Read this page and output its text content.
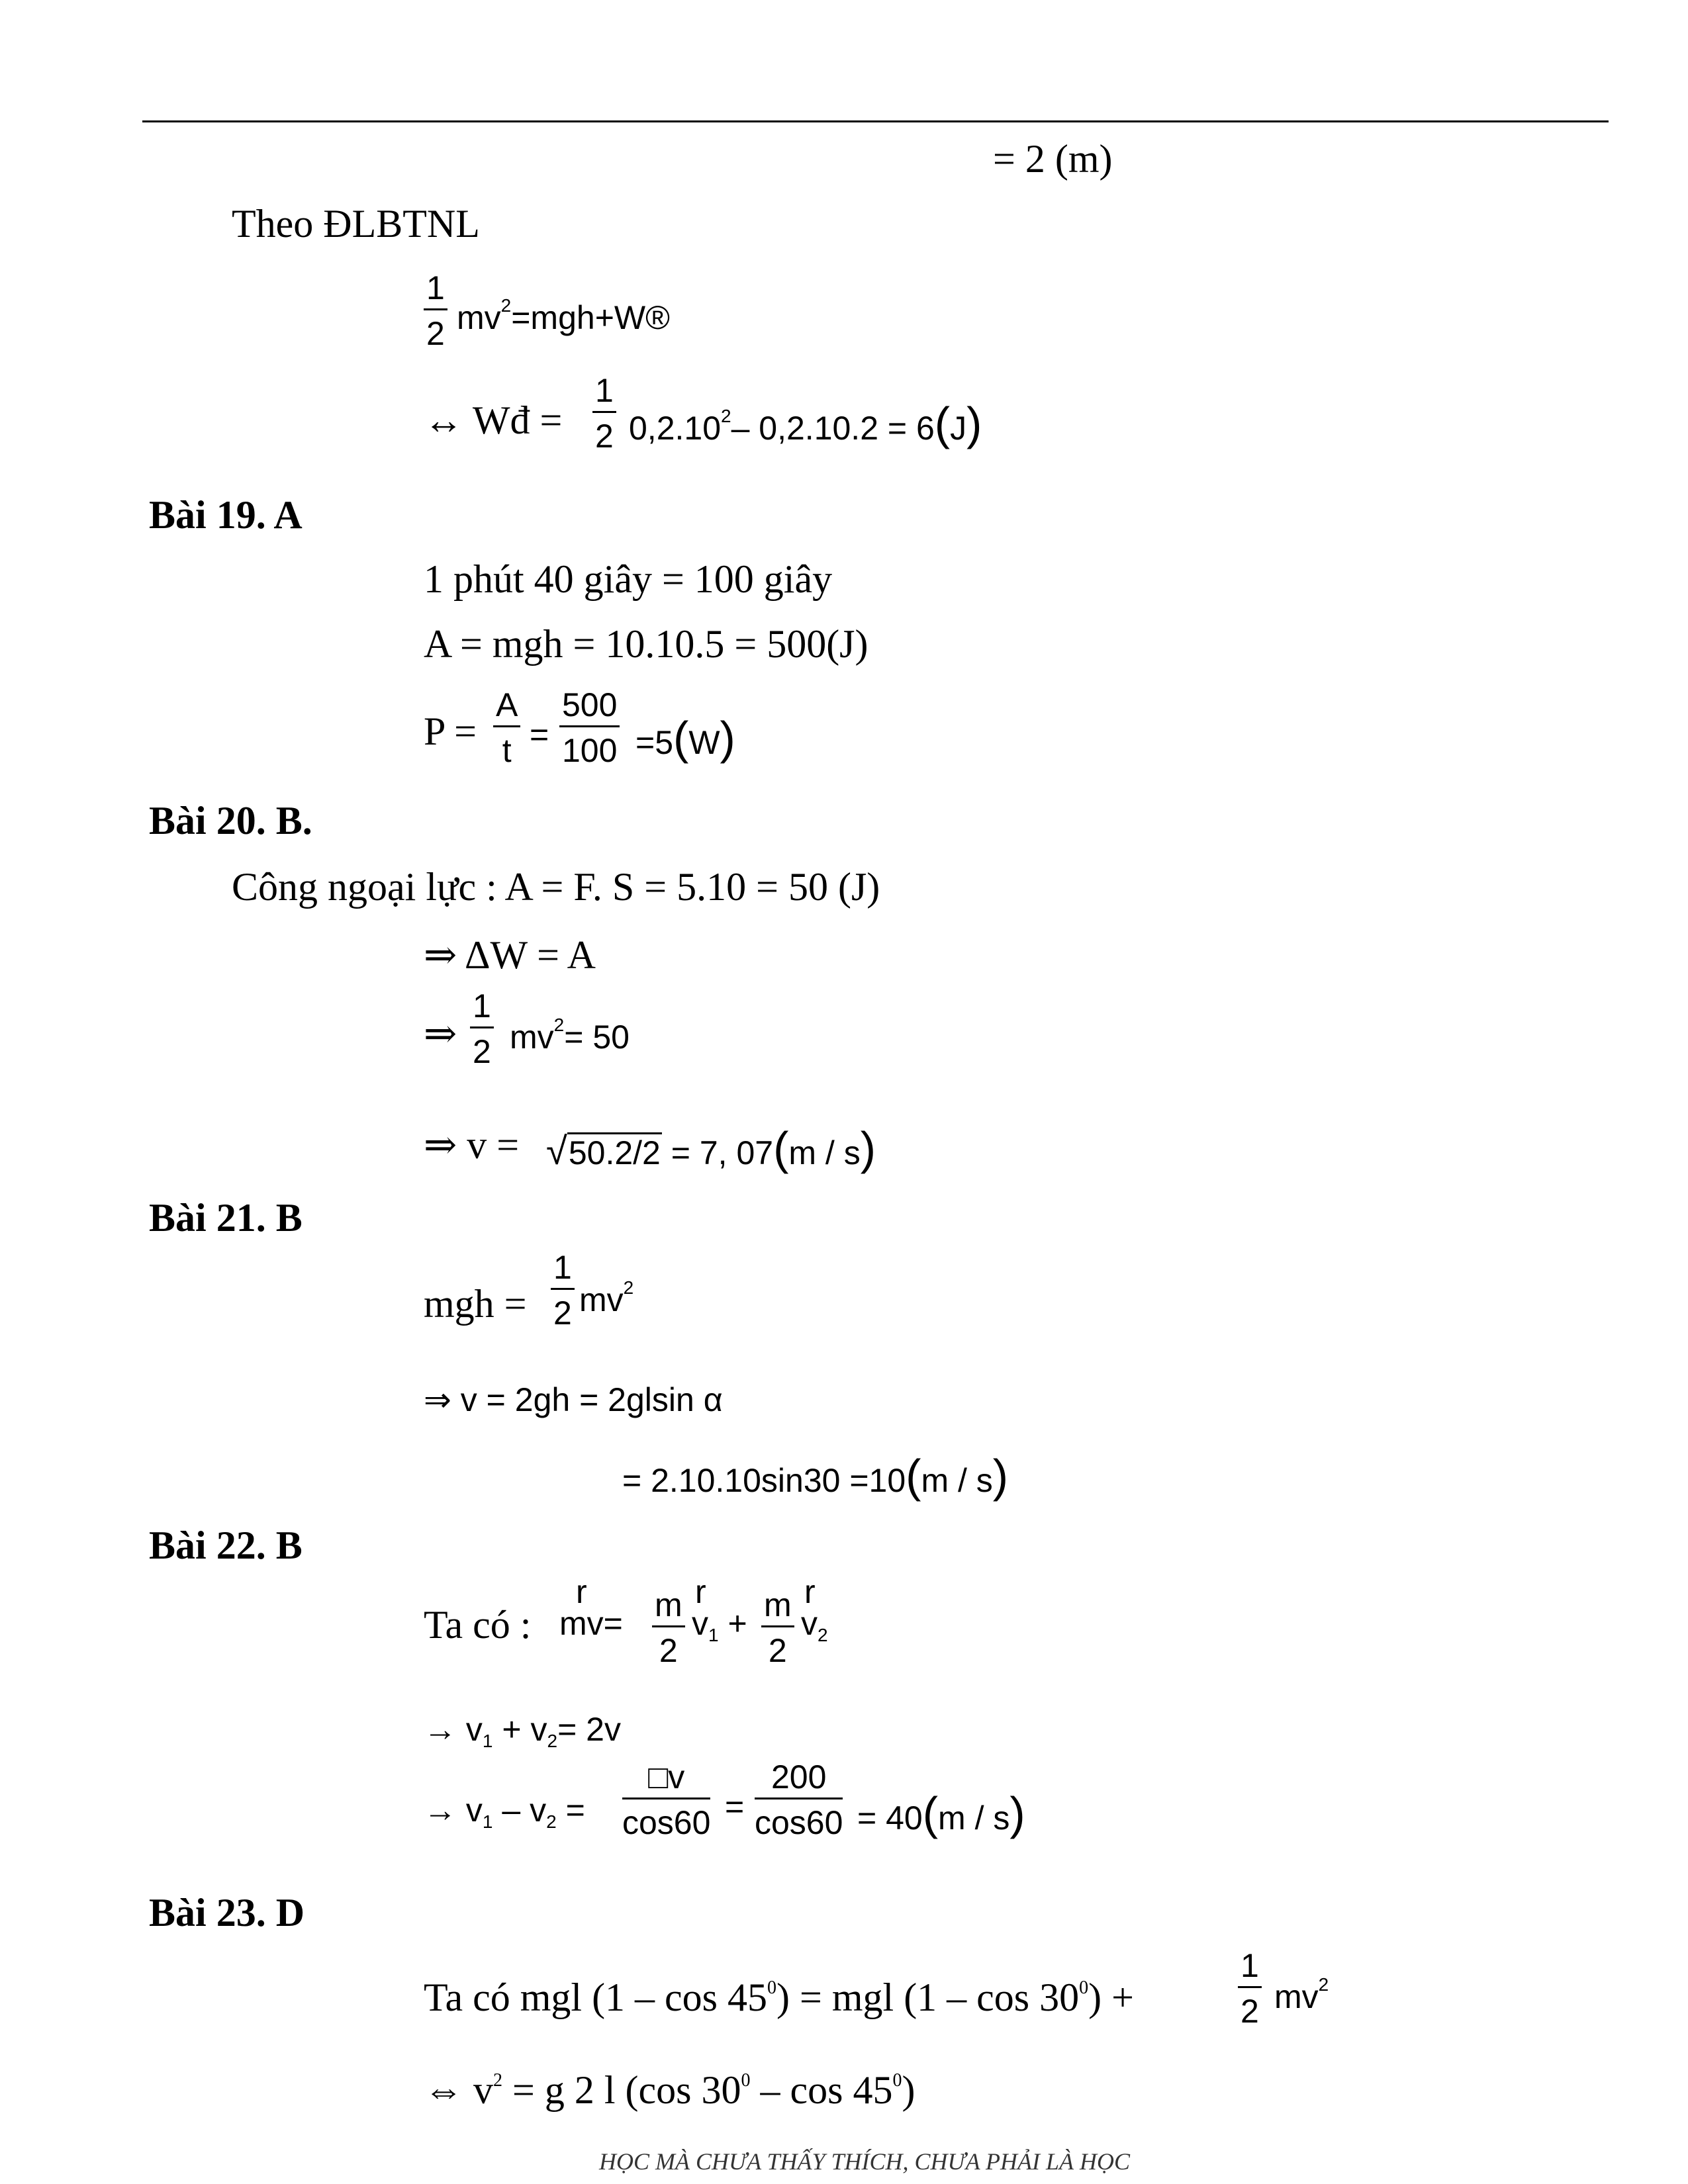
= 2 (m)
Theo ĐLBTNL
$\frac{1}{2}$ $mv^2=mgh+W®$
↔ Wđ = $\frac{1}{2} 0,2.10^2-$ 0,2.10.2 = 6(J)
Bài 19. A
1 phút 40 giây = 100 giây
A = mgh = 10.10.5 = 500(J)
$P = \frac{A}{t} = \frac{500}{100} =5(W)$
Bài 20. B.
Công ngoại lực : A = F. S = 5.10 = 50 (J)
⇒ ΔW = A
⇒ $\frac{1}{2} mv^2= 50$
⇒ v = √50.2/2 = 7, 07(m / s)
Bài 21. B
mgh = $\frac{1}{2} mv^2$
⇒ v = 2gh = 2glsin α
= 2.10.10sin30 =10(m / s)
Bài 22. B
Ta có :
r
$mv= \frac{m}{2}$ r
$v_1 + \frac{m}{2}$ r
$v_2$
→ $v_1 + v_2= 2v$
→ $v_1 - v_2 = \frac{□v}{\cos 60} = \frac{200}{\cos 60} = 40(m / s)$
Bài 23. D
Ta có mgl $(1 - \cos 45^0)$ = mgl $(1 - \cos 30^0)$ +	$\frac{1}{2} mv^2$
⇔ $v^2 = g$ 2 l (cos $30^0$ – $\cos 45^0$)
HỌC MÀ CHƯA THẤY THÍCH, CHƯA PHẢI LÀ HỌC
